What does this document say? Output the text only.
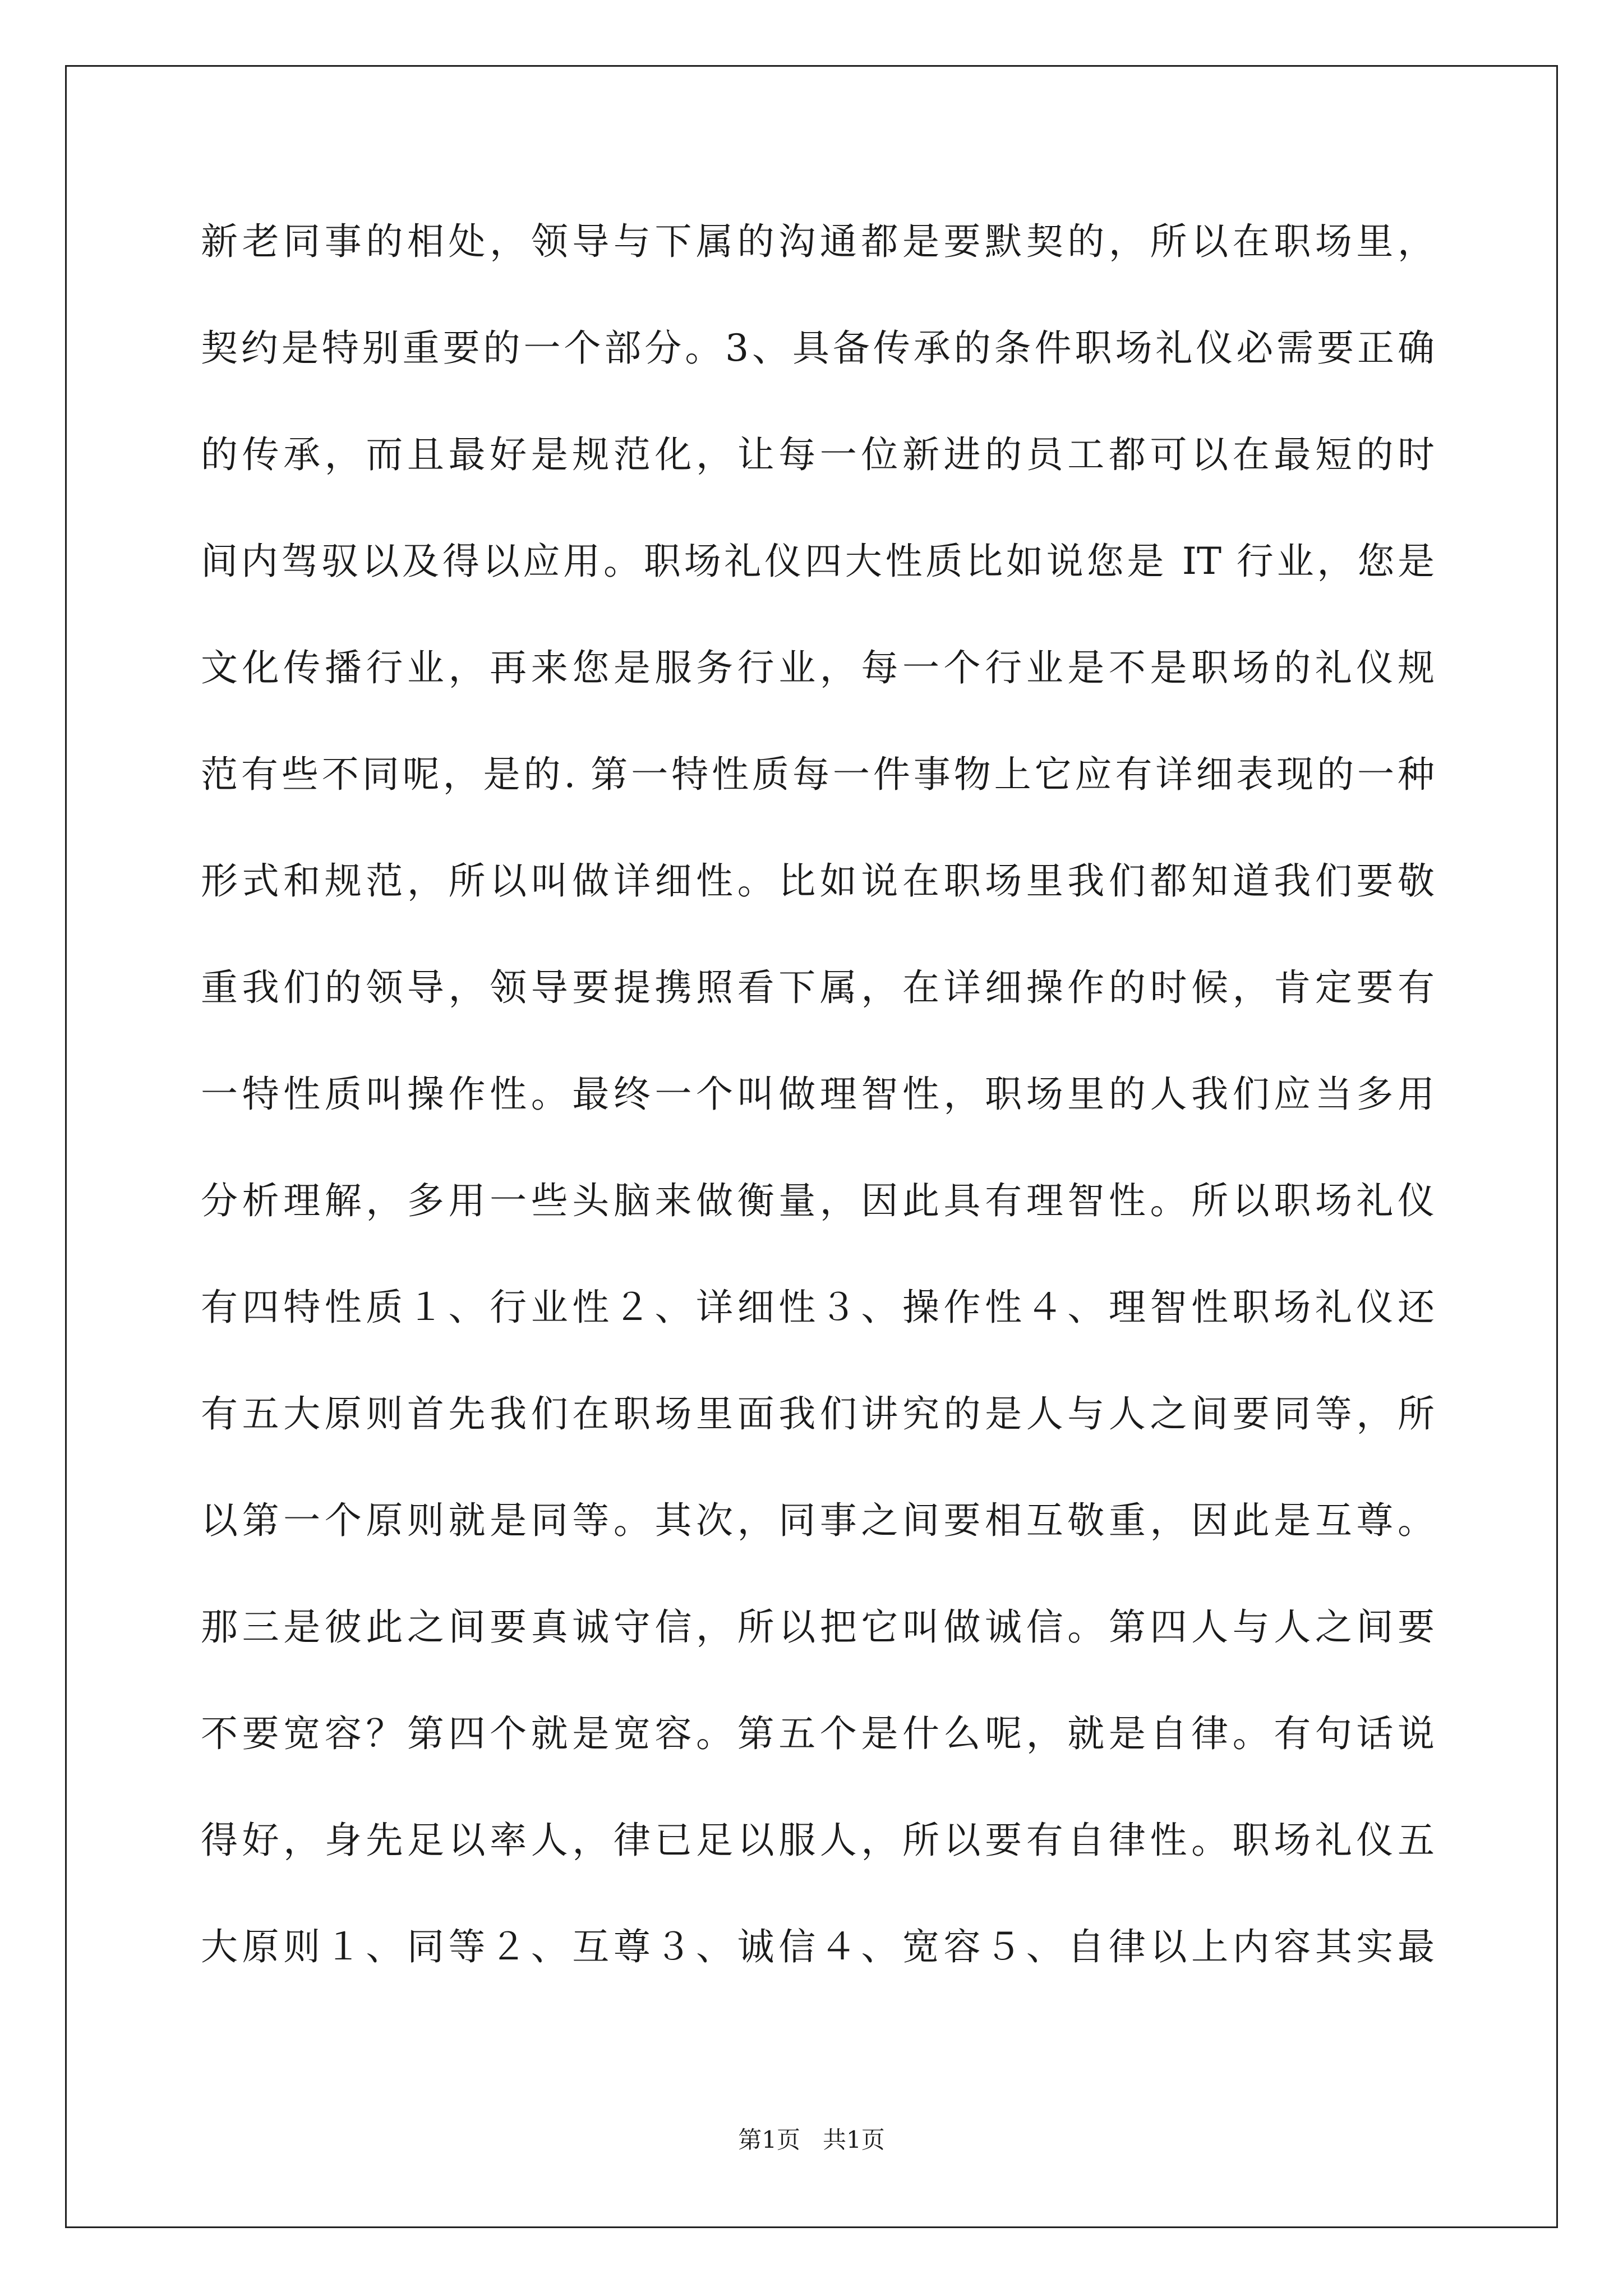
新老同事的相处，领导与下属的沟通都是要默契的，所以在职场里，
契约是特别重要的一个部分。3、具备传承的条件职场礼仪必需要正确
的传承，而且最好是规范化，让每一位新进的员工都可以在最短的时
间内驾驭以及得以应用。职场礼仪四大性质比如说您是 IT 行业，您是
文化传播行业，再来您是服务行业，每一个行业是不是职场的礼仪规
范有些不同呢，是的. 第一特性质每一件事物上它应有详细表现的一种
形式和规范，所以叫做详细性。比如说在职场里我们都知道我们要敬
重我们的领导，领导要提携照看下属，在详细操作的时候，肯定要有
一特性质叫操作性。最终一个叫做理智性，职场里的人我们应当多用
分析理解，多用一些头脑来做衡量，因此具有理智性。所以职场礼仪
有四特性质１、行业性２、详细性３、操作性４、理智性职场礼仪还
有五大原则首先我们在职场里面我们讲究的是人与人之间要同等，所
以第一个原则就是同等。其次，同事之间要相互敬重，因此是互尊。
那三是彼此之间要真诚守信，所以把它叫做诚信。第四人与人之间要
不要宽容？第四个就是宽容。第五个是什么呢，就是自律。有句话说
得好，身先足以率人，律已足以服人，所以要有自律性。职场礼仪五
大原则１、同等２、互尊３、诚信４、宽容５、自律以上内容其实最
第1页   共1页
